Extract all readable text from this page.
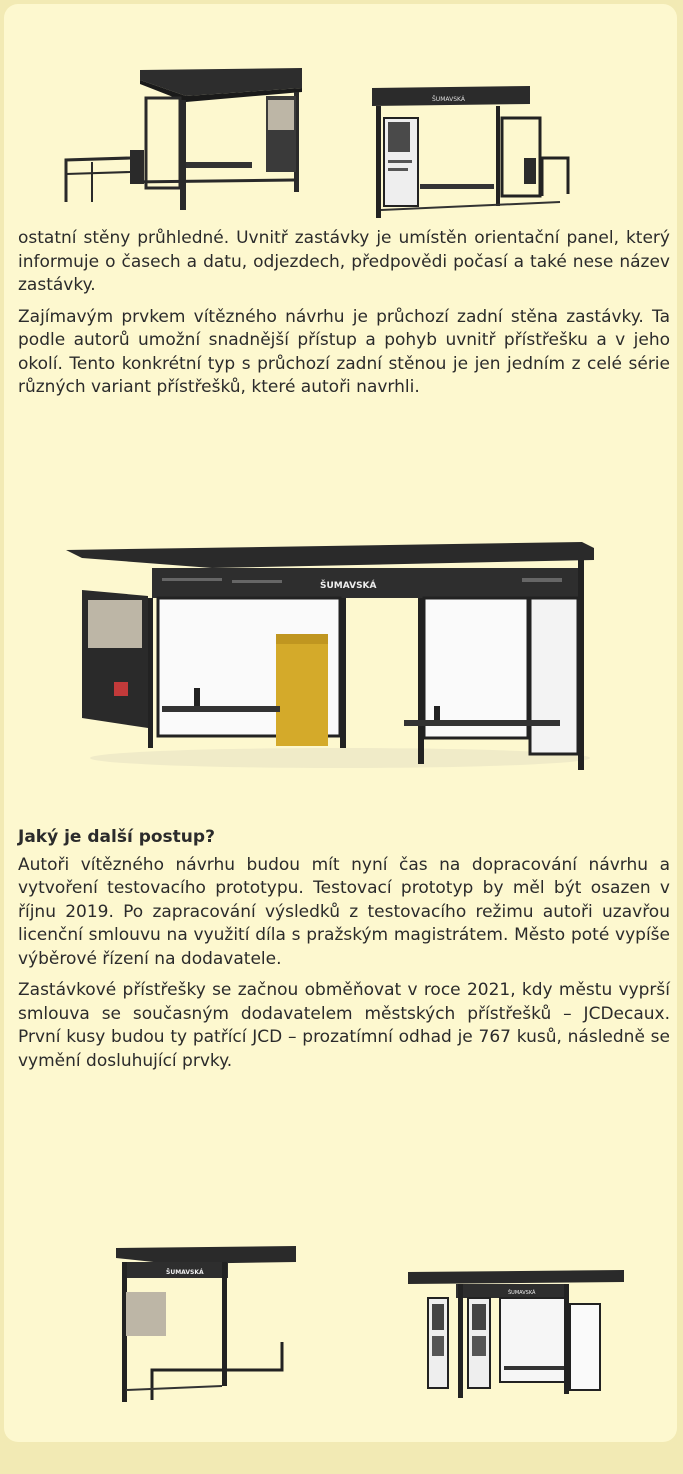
ŠUMAVSKÁ

ostatní stěny průhledné. Uvnitř zastávky je umístěn orientační panel, který informuje o časech a datu, odjezdech, předpovědi počasí a také nese název zastávky.

Zajímavým prvkem vítězného návrhu je průchozí zadní stěna zastávky. Ta podle autorů umožní snadnější přístup a pohyb uvnitř přístřešku a v jeho okolí. Tento konkrétní typ s průchozí zadní stěnou je jen jedním z celé série různých variant přístřešků, které autoři navrhli.

ŠUMAVSKÁ
Jaký je další postup?

Autoři vítězného návrhu budou mít nyní čas na dopracování návrhu a vytvoření testovacího prototypu. Testovací prototyp by měl být osazen v říjnu 2019. Po zapracování výsledků z testovacího režimu autoři uzavřou licenční smlouvu na využití díla s pražským magistrátem. Město poté vypíše výběrové řízení na dodavatele.

Zastávkové přístřešky se začnou obměňovat v roce 2021, kdy městu vyprší smlouva se současným dodavatelem městských přístřešků – JCDecaux. První kusy budou ty patřící JCD – prozatímní odhad je 767 kusů, následně se vymění dosluhující prvky.

ŠUMAVSKÁ
ŠUMAVSKÁ
